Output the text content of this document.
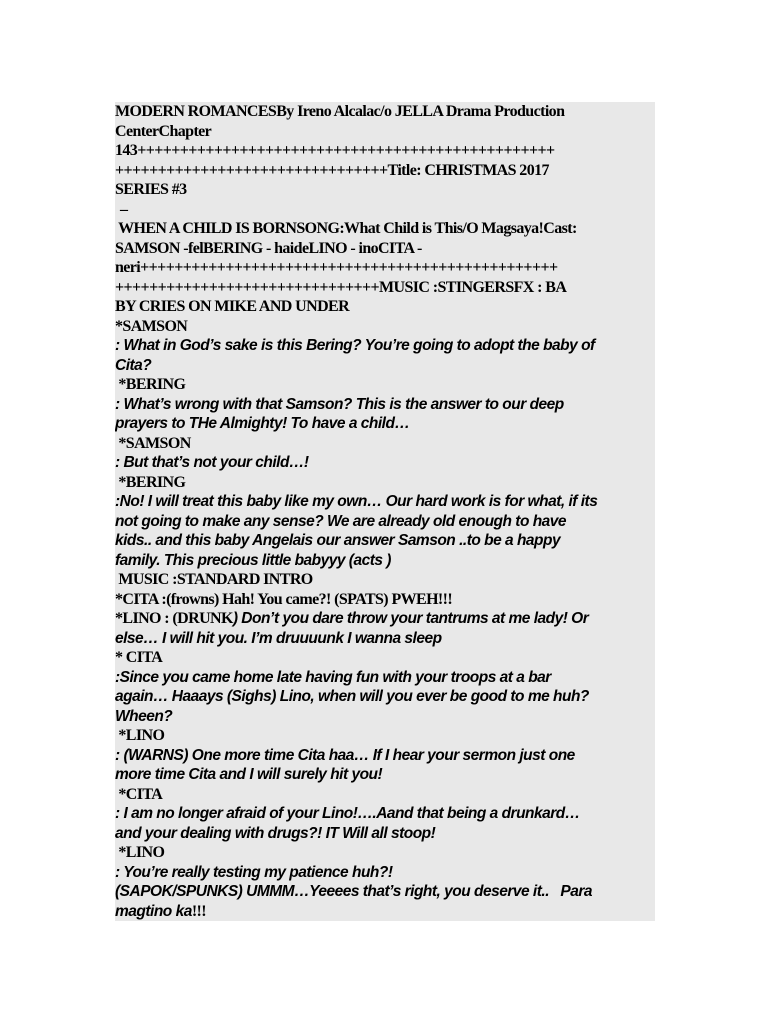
MODERN ROMANCESBy Ireno Alcalac/o JELLA Drama Production
CenterChapter
143+++++++++++++++++++++++++++++++++++++++++++++++++
++++++++++++++++++++++++++++++++Title: CHRISTMAS 2017
SERIES #3
–
WHEN A CHILD IS BORNSONG:What Child is This/O Magsaya!Cast:
SAMSON -felBERING - haideLINO - inoCITA -
neri+++++++++++++++++++++++++++++++++++++++++++++++++
+++++++++++++++++++++++++++++++MUSIC :STINGERSFX : BA
BY CRIES ON MIKE AND UNDER
*SAMSON
: What in God’s sake is this Bering? You’re going to adopt the baby of
Cita?
*BERING
: What’s wrong with that Samson? This is the answer to our deep
prayers to THe Almighty! To have a child…
*SAMSON
: But that’s not your child…!
*BERING
:No! I will treat this baby like my own… Our hard work is for what, if its
not going to make any sense? We are already old enough to have
kids.. and this baby Angelais our answer Samson ..to be a happy
family. This precious little babyyy (acts )
MUSIC :STANDARD INTRO
*CITA :(frowns) Hah! You came?! (SPATS) PWEH!!!
*LINO : (DRUNK) Don’t you dare throw your tantrums at me lady! Or
else… I will hit you. I’m druuuunk I wanna sleep
* CITA
:Since you came home late having fun with your troops at a bar
again… Haaays (Sighs) Lino, when will you ever be good to me huh?
Wheen?
*LINO
: (WARNS) One more time Cita haa… If I hear your sermon just one
more time Cita and I will surely hit you!
*CITA
: I am no longer afraid of your Lino!….Aand that being a drunkard…
and your dealing with drugs?! IT Will all stoop!
*LINO
: You’re really testing my patience huh?!
(SAPOK/SPUNKS) UMMM…Yeeees that’s right, you deserve it..   Para
magtino ka!!!
